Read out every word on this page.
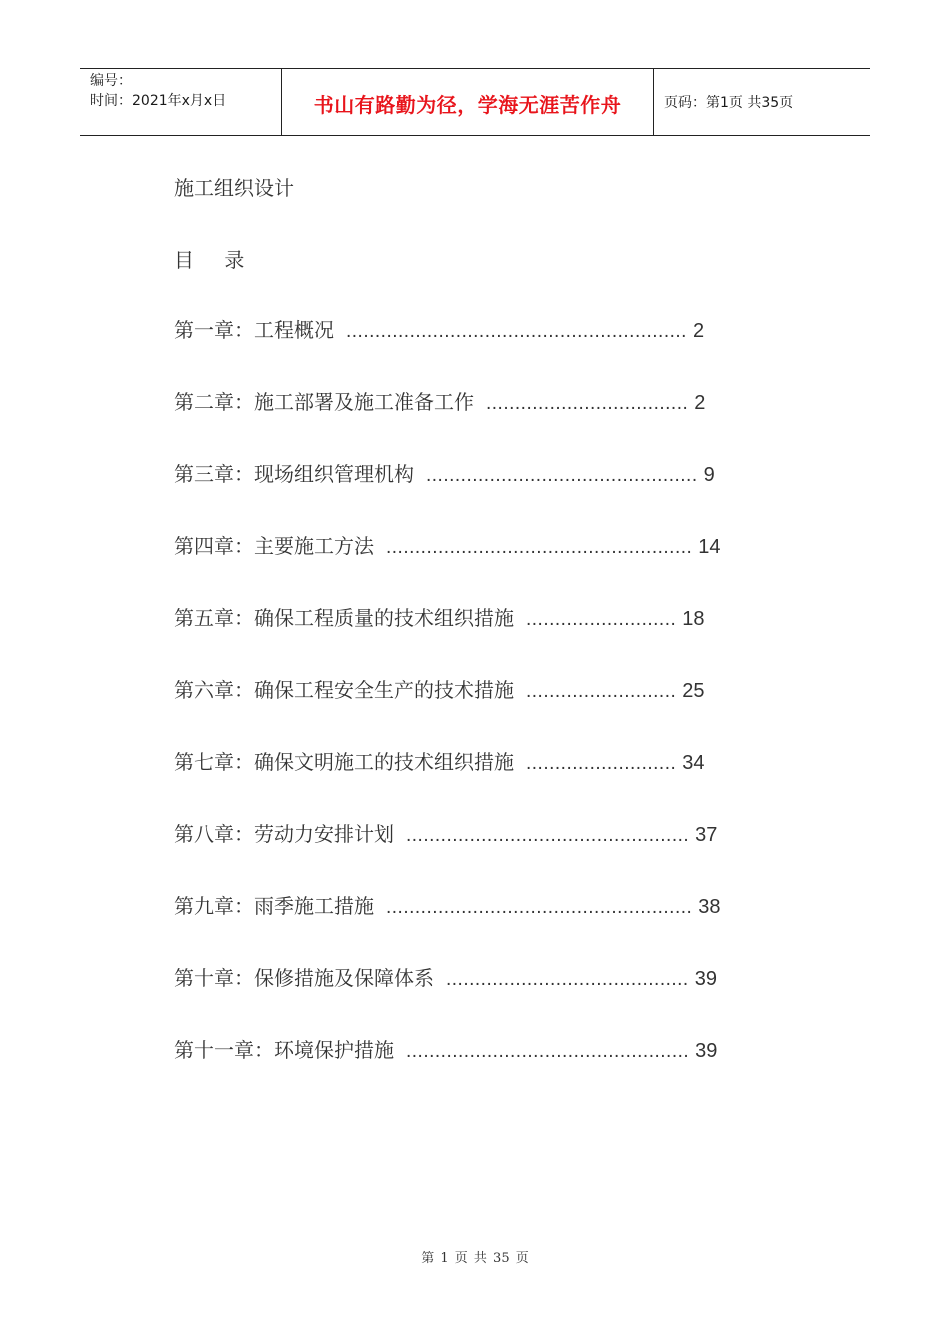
编号：
时间：2021年x月x日	书山有路勤为径，学海无涯苦作舟	页码：第1页 共35页
施工组织设计
目 录
第一章：工程概况 ........................................................... 2
第二章：施工部署及施工准备工作 ................................... 2
第三章：现场组织管理机构 ............................................... 9
第四章：主要施工方法 ..................................................... 14
第五章：确保工程质量的技术组织措施 .......................... 18
第六章：确保工程安全生产的技术措施 .......................... 25
第七章：确保文明施工的技术组织措施 .......................... 34
第八章：劳动力安排计划 ................................................. 37
第九章：雨季施工措施 ..................................................... 38
第十章：保修措施及保障体系 .......................................... 39
第十一章：环境保护措施 ................................................. 39
第 1 页 共 35 页
